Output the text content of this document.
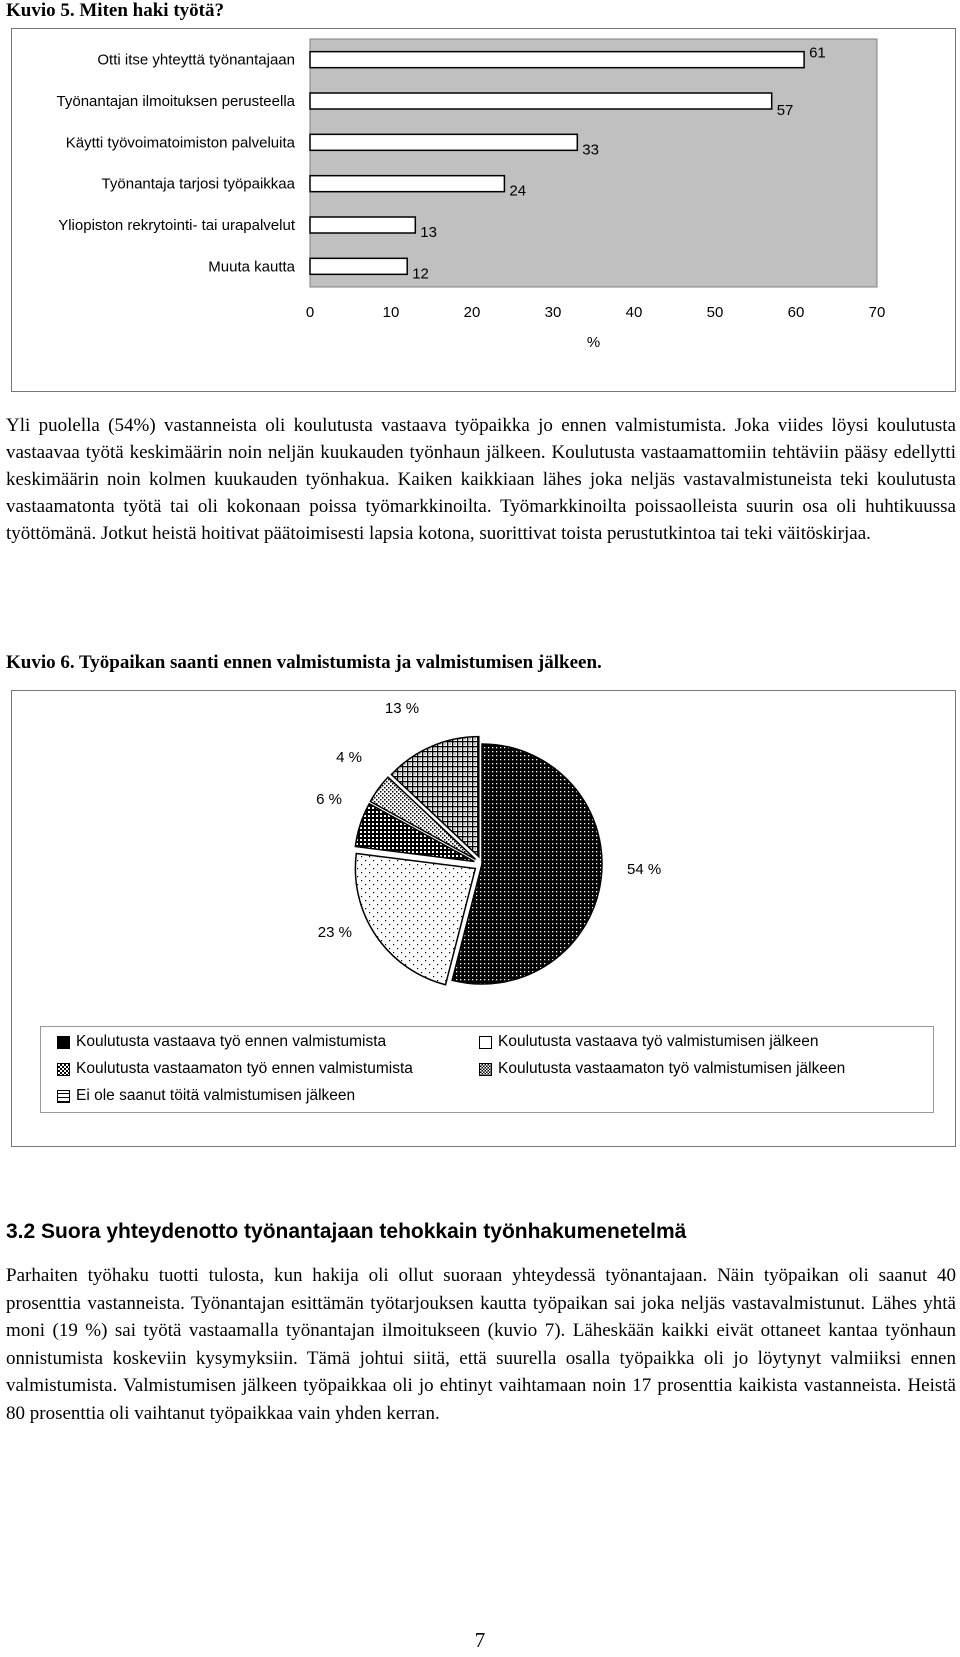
Kuvio 5. Miten haki työtä?
Otti itse yhteyttä työnantajaan	61
Työnantajan ilmoituksen perusteella
57
Käytti työvoimatoimiston palveluita	33
Työnantaja tarjosi työpaikkaa	24
Yliopiston rekrytointi- tai urapalvelut	13
Muuta kautta	12
0	10	20	30	40	50	60	70
%

Yli puolella (54%) vastanneista oli koulutusta vastaava työpaikka jo ennen valmistumista. Joka viides löysi koulutusta vastaavaa työtä keskimäärin noin neljän kuukauden työnhaun jälkeen. Koulutusta vastaamattomiin tehtäviin pääsy edellytti keskimäärin noin kolmen kuukauden työnhakua. Kaiken kaikkiaan lähes joka neljäs vastavalmistuneista teki koulutusta vastaamatonta työtä tai oli kokonaan poissa työmarkkinoilta. Työmarkkinoilta poissaolleista suurin osa oli huhtikuussa työttömänä. Jotkut heistä hoitivat päätoimisesti lapsia kotona, suorittivat toista perustutkintoa tai teki väitöskirjaa.

Kuvio 6. Työpaikan saanti ennen valmistumista ja valmistumisen jälkeen.
54 %
23 %
6 %
4 %
13 %
Koulutusta vastaava työ ennen valmistumista	Koulutusta vastaava työ valmistumisen jälkeen
Koulutusta vastaamaton työ ennen valmistumista	Koulutusta vastaamaton työ valmistumisen jälkeen
Ei ole saanut töitä valmistumisen jälkeen
3.2 Suora yhteydenotto työnantajaan tehokkain työnhakumenetelmä

Parhaiten työhaku tuotti tulosta, kun hakija oli ollut suoraan yhteydessä työnantajaan. Näin työpaikan oli saanut 40 prosenttia vastanneista. Työnantajan esittämän työtarjouksen kautta työpaikan sai joka neljäs vastavalmistunut. Lähes yhtä moni (19 %) sai työtä vastaamalla työnantajan ilmoitukseen (kuvio 7). Läheskään kaikki eivät ottaneet kantaa työnhaun onnistumista koskeviin kysymyksiin. Tämä johtui siitä, että suurella osalla työpaikka oli jo löytynyt valmiiksi ennen valmistumista. Valmistumisen jälkeen työpaikkaa oli jo ehtinyt vaihtamaan noin 17 prosenttia kaikista vastanneista. Heistä 80 prosenttia oli vaihtanut työpaikkaa vain yhden kerran.

7
